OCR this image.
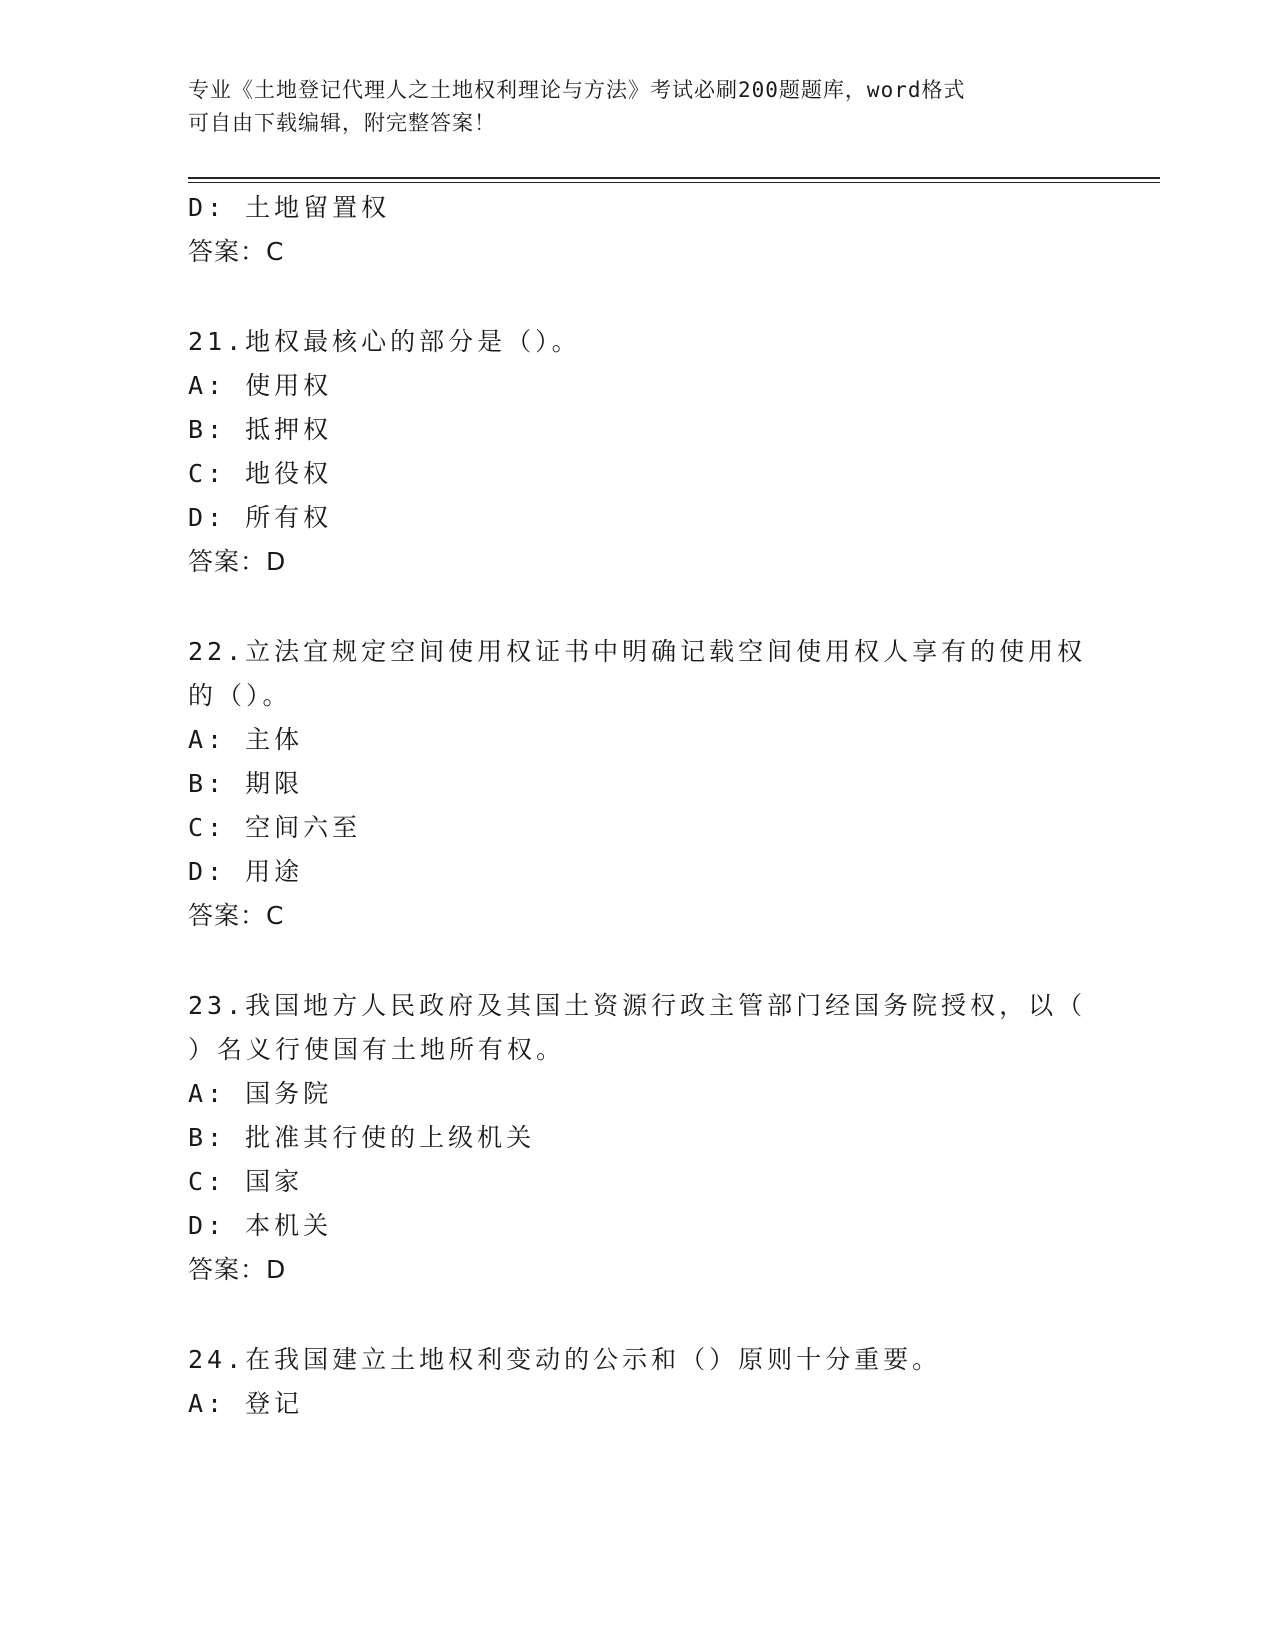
专业《土地登记代理人之土地权利理论与方法》考试必刷200题题库，word格式
可自由下载编辑，附完整答案！
D: 土地留置权
答案：C
21.地权最核心的部分是（）。
A: 使用权
B: 抵押权
C: 地役权
D: 所有权
答案：D
22.立法宜规定空间使用权证书中明确记载空间使用权人享有的使用权
的（）。
A: 主体
B: 期限
C: 空间六至
D: 用途
答案：C
23.我国地方人民政府及其国土资源行政主管部门经国务院授权，以（
）名义行使国有土地所有权。
A: 国务院
B: 批准其行使的上级机关
C: 国家
D: 本机关
答案：D
24.在我国建立土地权利变动的公示和（）原则十分重要。
A: 登记
